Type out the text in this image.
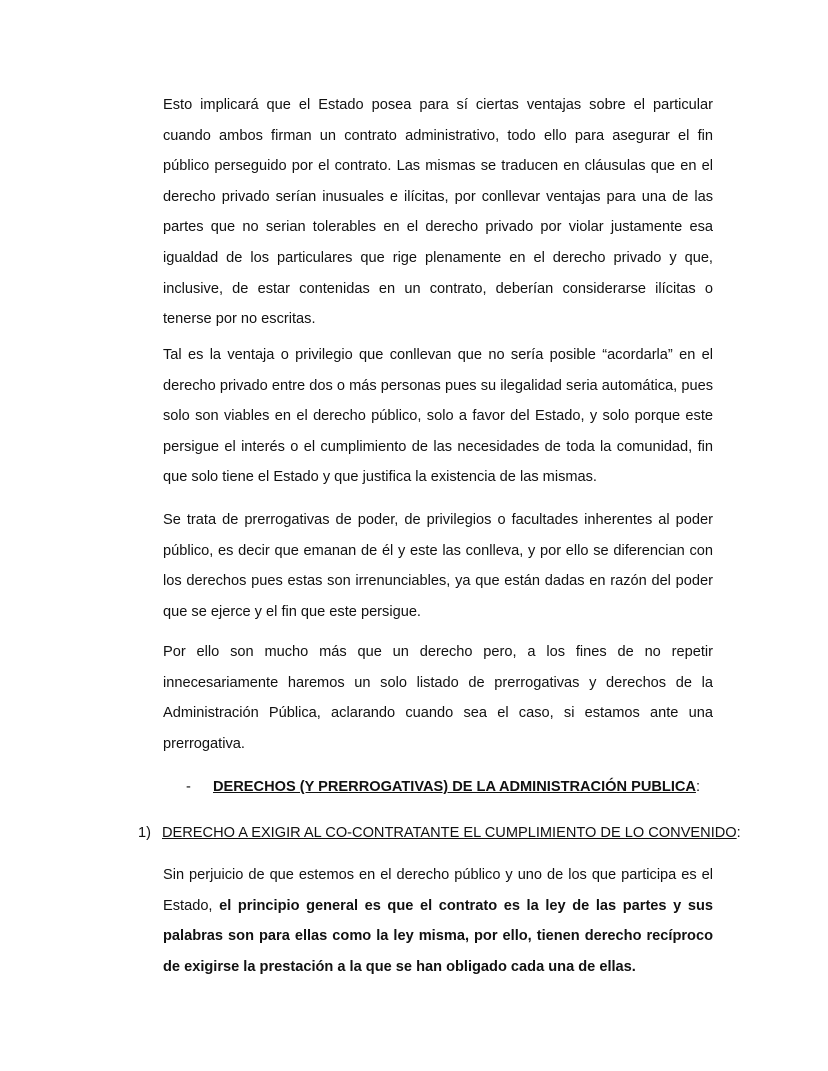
Esto implicará que el Estado posea para sí ciertas ventajas sobre el particular cuando ambos firman un contrato administrativo, todo ello para asegurar el fin público perseguido por el contrato. Las mismas se traducen en cláusulas que en el derecho privado serían inusuales e ilícitas, por conllevar ventajas para una de las partes que no serian tolerables en el derecho privado por violar justamente esa igualdad de los particulares que rige plenamente en el derecho privado y que, inclusive, de estar contenidas en un contrato, deberían considerarse ilícitas o tenerse por no escritas.

Tal es la ventaja o privilegio que conllevan que no sería posible “acordarla” en el derecho privado entre dos o más personas pues su ilegalidad seria automática, pues solo son viables en el derecho público, solo a favor del Estado, y solo porque este persigue el interés o el cumplimiento de las necesidades de toda la comunidad, fin que solo tiene el Estado y que justifica la existencia de las mismas.

Se trata de prerrogativas de poder, de privilegios o facultades inherentes al poder público, es decir que emanan de él y este las conlleva, y por ello se diferencian con los derechos pues estas son irrenunciables, ya que están dadas en razón del poder que se ejerce y el fin que este persigue.

Por ello son mucho más que un derecho pero, a los fines de no repetir innecesariamente haremos un solo listado de prerrogativas y derechos de la Administración Pública, aclarando cuando sea el caso, si estamos ante una prerrogativa.

- DERECHOS (Y PRERROGATIVAS) DE LA ADMINISTRACIÓN PUBLICA:

1) DERECHO A EXIGIR AL CO-CONTRATANTE EL CUMPLIMIENTO DE LO CONVENIDO:

Sin perjuicio de que estemos en el derecho público y uno de los que participa es el Estado, el principio general es que el contrato es la ley de las partes y sus palabras son para ellas como la ley misma, por ello, tienen derecho recíproco de exigirse la prestación a la que se han obligado cada una de ellas.
